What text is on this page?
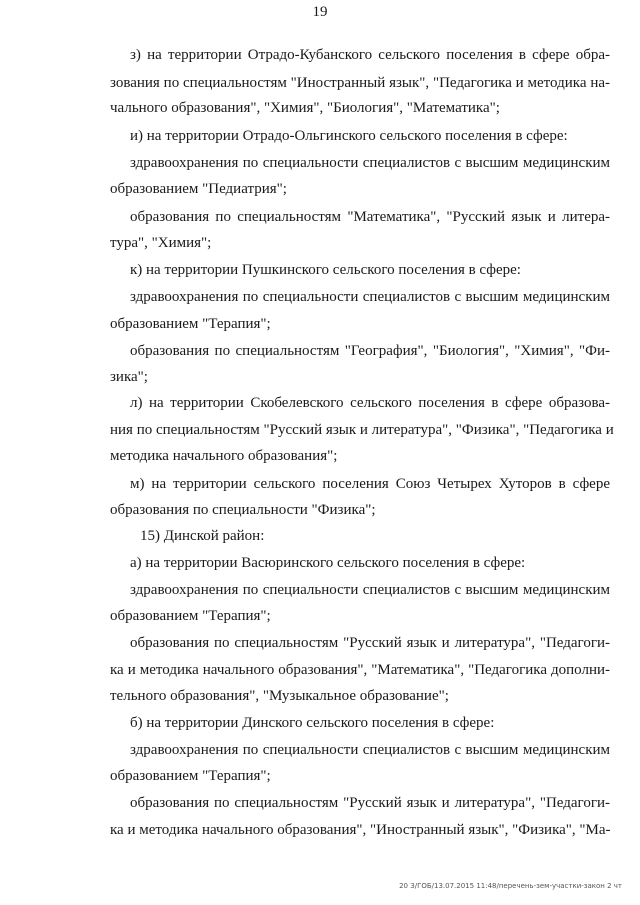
19
з) на территории Отрадо-Кубанского сельского поселения в сфере обра-
зования по специальностям "Иностранный язык", "Педагогика и методика на-
чального образования", "Химия", "Биология", "Математика";
и) на территории Отрадо-Ольгинского сельского поселения в сфере:
здравоохранения по специальности специалистов с высшим медицинским
образованием "Педиатрия";
образования по специальностям "Математика", "Русский язык и литера-
тура", "Химия";
к) на территории Пушкинского сельского поселения в сфере:
здравоохранения по специальности специалистов с высшим медицинским
образованием "Терапия";
образования по специальностям "География", "Биология", "Химия", "Фи-
зика";
л) на территории Скобелевского сельского поселения в сфере образова-
ния по специальностям "Русский язык и литература", "Физика", "Педагогика и
методика начального образования";
м) на территории сельского поселения Союз Четырех Хуторов в сфере
образования по специальности "Физика";
15) Динской район:
а) на территории Васюринского сельского поселения в сфере:
здравоохранения по специальности специалистов с высшим медицинским
образованием "Терапия";
образования по специальностям "Русский язык и литература", "Педагоги-
ка и методика начального образования", "Математика", "Педагогика дополни-
тельного образования", "Музыкальное образование";
б) на территории Динского сельского поселения в сфере:
здравоохранения по специальности специалистов с высшим медицинским
образованием "Терапия";
образования по специальностям "Русский язык и литература", "Педагоги-
ка и методика начального образования", "Иностранный язык", "Физика", "Ма-
20 З/ГОБ/13.07.2015 11:48/перечень-зем-участки-закон 2 чт
